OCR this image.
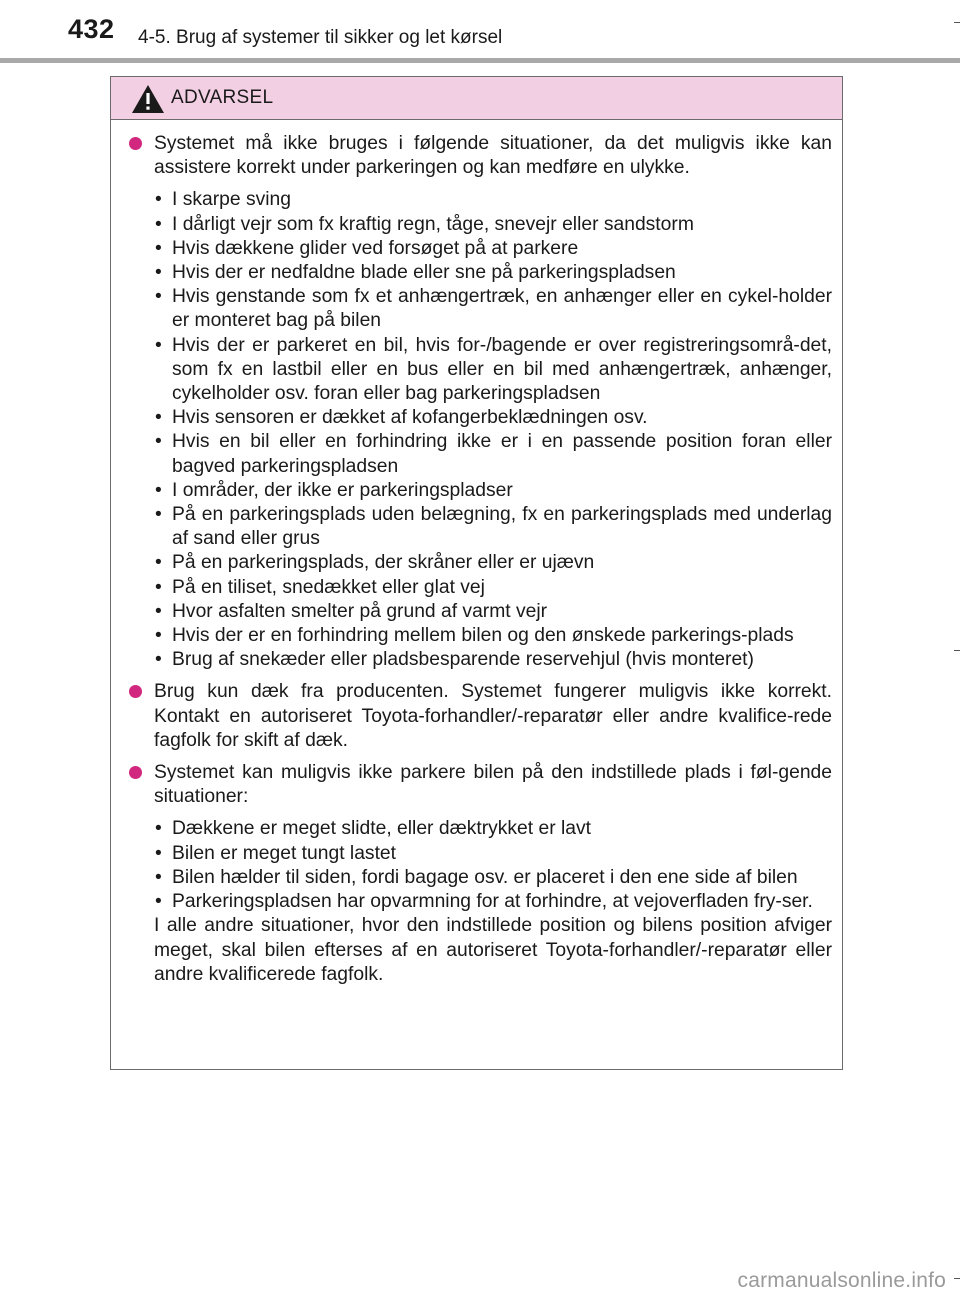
432 4-5. Brug af systemer til sikker og let kørsel
ADVARSEL
Systemet må ikke bruges i følgende situationer, da det muligvis ikke kan assistere korrekt under parkeringen og kan medføre en ulykke.
• I skarpe sving
• I dårligt vejr som fx kraftig regn, tåge, snevejr eller sandstorm
• Hvis dækkene glider ved forsøget på at parkere
• Hvis der er nedfaldne blade eller sne på parkeringspladsen
• Hvis genstande som fx et anhængertræk, en anhænger eller en cykel-holder er monteret bag på bilen
• Hvis der er parkeret en bil, hvis for-/bagende er over registreringsområ-det, som fx en lastbil eller en bus eller en bil med anhængertræk, anhænger, cykelholder osv. foran eller bag parkeringspladsen
• Hvis sensoren er dækket af kofangerbeklædningen osv.
• Hvis en bil eller en forhindring ikke er i en passende position foran eller bagved parkeringspladsen
• I områder, der ikke er parkeringspladser
• På en parkeringsplads uden belægning, fx en parkeringsplads med underlag af sand eller grus
• På en parkeringsplads, der skråner eller er ujævn
• På en tiliset, snedækket eller glat vej
• Hvor asfalten smelter på grund af varmt vejr
• Hvis der er en forhindring mellem bilen og den ønskede parkerings-plads
• Brug af snekæder eller pladsbesparende reservehjul (hvis monteret)
Brug kun dæk fra producenten. Systemet fungerer muligvis ikke korrekt. Kontakt en autoriseret Toyota-forhandler/-reparatør eller andre kvalifice-rede fagfolk for skift af dæk.
Systemet kan muligvis ikke parkere bilen på den indstillede plads i føl-gende situationer:
• Dækkene er meget slidte, eller dæktrykket er lavt
• Bilen er meget tungt lastet
• Bilen hælder til siden, fordi bagage osv. er placeret i den ene side af bilen
• Parkeringspladsen har opvarmning for at forhindre, at vejoverfladen fry-ser.
I alle andre situationer, hvor den indstillede position og bilens position afviger meget, skal bilen efterses af en autoriseret Toyota-forhandler/-reparatør eller andre kvalificerede fagfolk.
carmanualsonline.info
